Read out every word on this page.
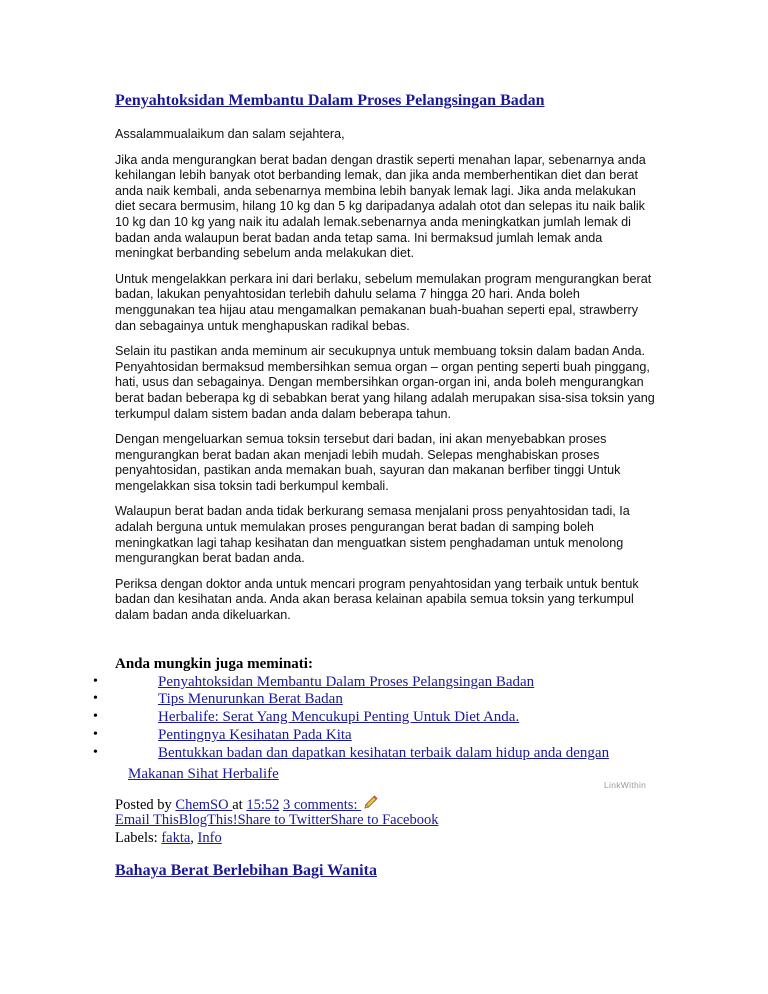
Penyahtoksidan Membantu Dalam Proses Pelangsingan Badan

Assalammualaikum dan salam sejahtera,

Jika anda mengurangkan berat badan dengan drastik seperti menahan lapar, sebenarnya anda
kehilangan lebih banyak otot berbanding lemak, dan jika anda memberhentikan diet dan berat
anda naik kembali, anda sebenarnya membina lebih banyak lemak lagi. Jika anda melakukan
diet secara bermusim, hilang 10 kg dan 5 kg daripadanya adalah otot dan selepas itu naik balik
10 kg dan 10 kg yang naik itu adalah lemak.sebenarnya anda meningkatkan jumlah lemak di
badan anda walaupun berat badan anda tetap sama. Ini bermaksud jumlah lemak anda
meningkat berbanding sebelum anda melakukan diet.

Untuk mengelakkan perkara ini dari berlaku, sebelum memulakan program mengurangkan berat
badan, lakukan penyahtosidan terlebih dahulu selama 7 hingga 20 hari. Anda boleh
menggunakan tea hijau atau mengamalkan pemakanan buah-buahan seperti epal, strawberry
dan sebagainya untuk menghapuskan radikal bebas.

Selain itu pastikan anda meminum air secukupnya untuk membuang toksin dalam badan Anda.
Penyahtosidan bermaksud membersihkan semua organ – organ penting seperti buah pinggang,
hati, usus dan sebagainya. Dengan membersihkan organ-organ ini, anda boleh mengurangkan
berat badan beberapa kg di sebabkan berat yang hilang adalah merupakan sisa-sisa toksin yang
terkumpul dalam sistem badan anda dalam beberapa tahun.

Dengan mengeluarkan semua toksin tersebut dari badan, ini akan menyebabkan proses
mengurangkan berat badan akan menjadi lebih mudah. Selepas menghabiskan proses
penyahtosidan, pastikan anda memakan buah, sayuran dan makanan berfiber tinggi Untuk
mengelakkan sisa toksin tadi berkumpul kembali.

Walaupun berat badan anda tidak berkurang semasa menjalani pross penyahtosidan tadi, Ia
adalah berguna untuk memulakan proses pengurangan berat badan di samping boleh
meningkatkan lagi tahap kesihatan dan menguatkan sistem penghadaman untuk menolong
mengurangkan berat badan anda.

Periksa dengan doktor anda untuk mencari program penyahtosidan yang terbaik untuk bentuk
badan dan kesihatan anda. Anda akan berasa kelainan apabila semua toksin yang terkumpul
dalam badan anda dikeluarkan.

Anda mungkin juga meminati:
•	Penyahtoksidan Membantu Dalam Proses Pelangsingan Badan
•	Tips Menurunkan Berat Badan
•	Herbalife: Serat Yang Mencukupi Penting Untuk Diet Anda.
•	Pentingnya Kesihatan Pada Kita
•	Bentukkan badan dan dapatkan kesihatan terbaik dalam hidup anda dengan
Makanan Sihat Herbalife
LinkWithin
Posted by ChemSO at 15:52 3 comments:
Email ThisBlogThis!Share to TwitterShare to Facebook
Labels: fakta, Info
Bahaya Berat Berlebihan Bagi Wanita
